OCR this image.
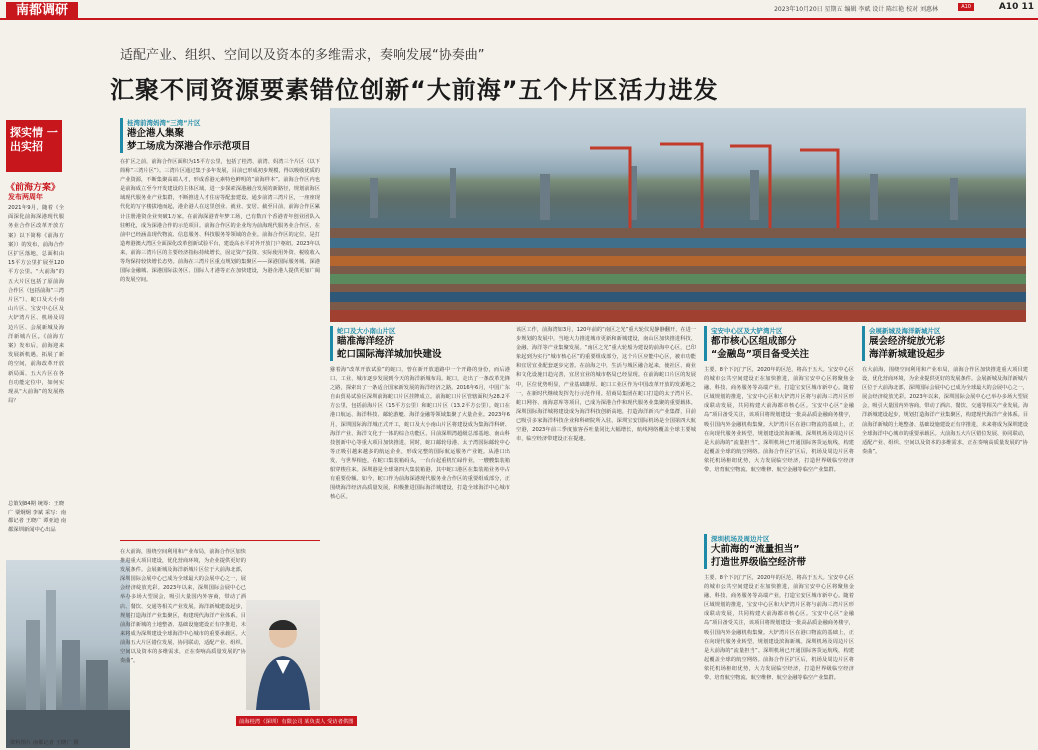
南都调研	A10
2023年10月20日 星期五 编辑 李斌 设计 陈红艳 校对 刘惠林	A10 11
适配产业、组织、空间以及资本的多维需求，奏响发展“协奏曲”
汇聚不同资源要素错位创新“大前海”五个片区活力进发
探实情 一出实招
《前海方案》
发布两周年
2021年9月，随着《全面深化前海深港现代服务业合作区改革开放方案》以下简称《前海方案》）的发布，前海合作区扩区落地，总面积由15平方公里扩展至120平方公里。“大前海”的五大片区包括了原前海合作区（包括前海“三湾片区”）、蛇口及大小南山片区、宝安中心区及大铲湾片区、机场及周边片区、会展新城及海洋新城片区。《前海方案》发布后，前海迎来发展新机遇，拓展了新的空间，前海改革开放新局面、五大片区在各自功能定位中，如何实现从“大前海”的发展格局？
总策划84期 统筹：王晓广 粟炯炯 李斌 采写：南都记者 王晓广 谭亚迪 南都深圳新闻中心出品
资料图片 南都记者 王晓广 摄
桂湾前湾妈湾“三湾”片区
港企港人集聚
梦工场成为深港合作示范项目
在扩区之前，前海合作区面积为15平方公里，包括了桂湾、前湾、妈湾三个片区（以下简称“三湾片区”）。三湾片区通过集于多年发展，目前已形成初步规模，得以吸收优质的产业资源，不断集聚高端人才，形成香港元素特色鲜明的“前海样本”。前海合作区内也是前海成立至今开发建设的主体区域，进一步探索深港融合发展的新路径，规划前海区域现代服务业产业集群，不断推进人才住房等配套建设。通步前湾三湾片区，一座座现代化的写字楼拔地而起，港企港人在这里创业、就业、安居。截至目前，前海合作区累计注册港资企业突破1万家。在前海深港青年梦工场，已有数百个香港青年创业团队入驻孵化，成为深港合作的示范项目。前海合作区的企业均为前海现代服务业合作区，在前中已经涵盖现代物流、信息服务、科技服务等领域的企业。前海合作区的定位，是打造粤港澳大湾区全面深化改革创新试验平台，建设高水平对外开放门户枢纽。2023年以来，前海三湾片区的主要经济指标持续增长，固定资产投资、实际使用外资、税收收入等均保持较快增长态势。前海在三湾片区重点规划的集聚区——深港国际服务城、深港国际金融城、深港国际法务区、国际人才港等正在加快建设，为港企港人提供更加广阔的发展空间。
在大前海，围绕空间利用和产业布局，前海合作区加快推进重大项目建设，优化营商环境，为企业提供更好的发展条件。会展新城及海洋新城片区位于大前海北部，深圳国际会展中心已成为全球最大的会展中心之一，展会经济绽放光彩。2023年以来，深圳国际会展中心已举办多场大型展会，吸引大量国内外客商，带动了酒店、餐饮、交通等相关产业发展。海洋新城建设起步，规划打造海洋产业集聚区，构建现代海洋产业体系。目前海洋新城的土地整备、基础设施建设正有序推进，未来将成为深圳建设全球海洋中心城市的重要承载区。大前海五大片区错位发展、协同联动，适配产业、组织、空间以及资本的多维需求，正在奏响高质量发展的“协奏曲”。
前海桂湾（深圳）有限公司 某负责人 受访者供图
蛇口及大小南山片区
瞄准海洋经济
蛇口国际海洋城加快建设
猕着海“改革开放试验”的蛇口，曾在新开放道路中一个开路的身份，而后港口、工业、城市逐步发展到今天的海洋新城布局。蛇口，走出了一条改革先锋之路，探索出了一条适合国家新发展的海洋经济之路。2016年6月，中国广东自由贸易试验区深圳前海蛇口片区挂牌成立。前海蛇口片区管辖面积为28.2平方公里，包括前海片区（15平方公里）和蛇口片区（13.2平方公里）。蛇口在港口航运、海洋科技、邮轮游艇、海洋金融等领域集聚了大量企业。2023年6月，深圳国际海洋城正式开工，蛇口及大小南山片区将建设成为集海洋科研、海洋产业、海洋文化于一体的综合功能区。目前深圳湾超级总部基地、南山科技创新中心等重大项目加快推进，同时，蛇口邮轮母港、太子湾国际邮轮中心等正吸引越来越多的航运企业，形成完整的国际航运服务产业链。从港口出发，与世界相连，在蛇口集装箱码头，一台台起重机忙碌作业，一艘艘集装箱船穿梭往来。深圳港是全球第四大集装箱港，其中蛇口港区在集装箱业务中占有重要份额。如今，蛇口作为前海深港现代服务业合作区的重要组成部分，正围绕海洋经济高质量发展，积极推进国际海洋城建设，打造全球海洋中心城市核心区。
该区工作，前海湾如3月，120年前的“南区之光”重大轮仪见静静翻开，在进一步规划的发展中，当地大力推进城市更新和新城建设，南山区加快推进科技、金融、海洋等产业集聚发展。“南区之光”重大轮船为建设的前海中心区，已印象起到为实行“城市核心区”的重要组成部分，这个片区应能中心区，被市功能和宜居宜业配套逐步完善。在前海之中，生活与城区融合起来，使社区、商业和文化设施日趋完善，宜居宜业的城市格局已经显现。在前海蛇口片区的发展中，区位优势明显，产业基础雄厚。蛇口工业区作为中国改革开放的发源地之一，在新时代继续发挥先行示范作用。招商局集团在蛇口打造的太子湾片区、蛇口网谷、南海意库等项目，已成为深港合作和现代服务业集聚的重要载体。深圳国际海洋城将建设成为海洋科技创新高地，打造海洋新兴产业集群，目前已吸引多家海洋科技企业和科研院所入驻。深圳宝安国际机场是全国第四大航空港，2023年前三季度旅客吞吐量同比大幅增长，航线网络覆盖全球主要城市，临空经济带建设正在提速。
宝安中心区及大铲湾片区
都市核心区组成部分
“金融岛”项目备受关注
主要、8个下沉门“区，2020年的区范，将高于五大。宝安中心区的城市公共空间建设正在加快推进，前海宝安中心区将聚焦金融、科技、商务服务等高端产业，打造宝安区城市新中心。随着区域规划的推进，宝安中心区和大铲湾片区将与前海三湾片区形成联动发展，共同构建大前海都市核心区。宝安中心区“金融岛”项目备受关注，该项目将规划建设一批高品质金融商务楼宇，吸引国内外金融机构集聚。大铲湾片区在港口物流的基础上，正在向现代服务业转型，规划建设滨海新城。深圳机场及周边片区是大前海的“流量担当”。深圳机场已开通国际客货运航线，构建起覆盖全球的航空网络。前海合作区扩区后，机场及周边片区将依托机场枢纽优势，大力发展临空经济，打造世界级临空经济带，培育航空物流、航空维修、航空金融等临空产业集群。
深圳机场及周边片区
大前海的“流量担当”
打造世界级临空经济带
主要、8个下沉门“区，2020年的区范，将高于五大。宝安中心区的城市公共空间建设正在加快推进，前海宝安中心区将聚焦金融、科技、商务服务等高端产业，打造宝安区城市新中心。随着区域规划的推进，宝安中心区和大铲湾片区将与前海三湾片区形成联动发展，共同构建大前海都市核心区。宝安中心区“金融岛”项目备受关注，该项目将规划建设一批高品质金融商务楼宇，吸引国内外金融机构集聚。大铲湾片区在港口物流的基础上，正在向现代服务业转型，规划建设滨海新城。深圳机场及周边片区是大前海的“流量担当”。深圳机场已开通国际客货运航线，构建起覆盖全球的航空网络。前海合作区扩区后，机场及周边片区将依托机场枢纽优势，大力发展临空经济，打造世界级临空经济带，培育航空物流、航空维修、航空金融等临空产业集群。
会展新城及海洋新城片区
展会经济绽放光彩
海洋新城建设起步
在大前海，围绕空间利用和产业布局，前海合作区加快推进重大项目建设，优化营商环境，为企业提供更好的发展条件。会展新城及海洋新城片区位于大前海北部，深圳国际会展中心已成为全球最大的会展中心之一，展会经济绽放光彩。2023年以来，深圳国际会展中心已举办多场大型展会，吸引大量国内外客商，带动了酒店、餐饮、交通等相关产业发展。海洋新城建设起步，规划打造海洋产业集聚区，构建现代海洋产业体系。目前海洋新城的土地整备、基础设施建设正有序推进，未来将成为深圳建设全球海洋中心城市的重要承载区。大前海五大片区错位发展、协同联动，适配产业、组织、空间以及资本的多维需求，正在奏响高质量发展的“协奏曲”。
